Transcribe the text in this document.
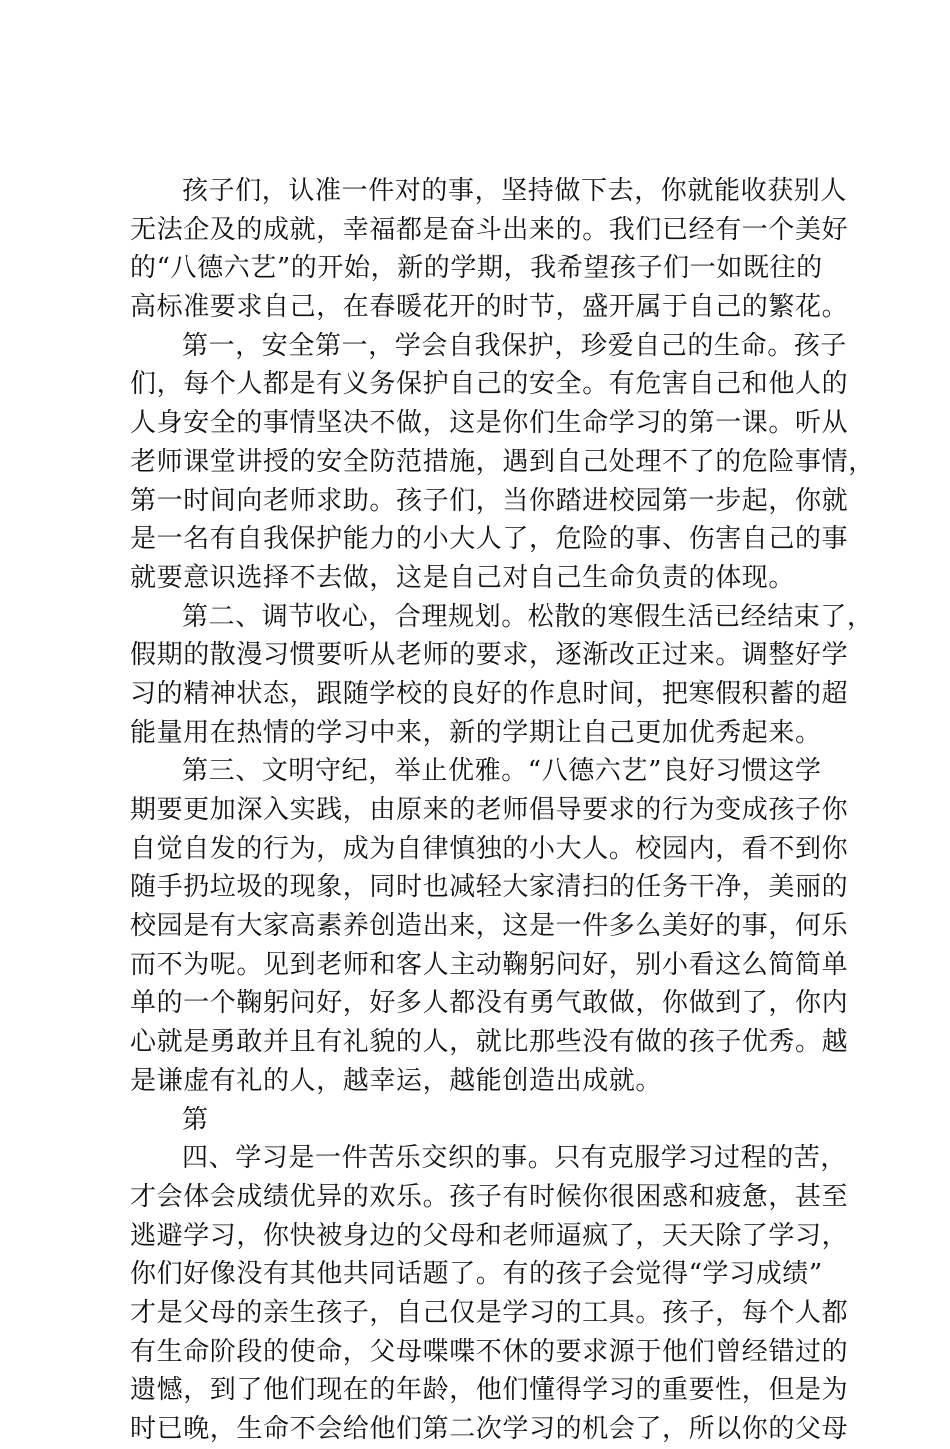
孩子们，认准一件对的事，坚持做下去，你就能收获别人
无法企及的成就，幸福都是奋斗出来的。我们已经有一个美好
的“八德六艺”的开始，新的学期，我希望孩子们一如既往的
高标准要求自己，在春暖花开的时节，盛开属于自己的繁花。
第一，安全第一，学会自我保护，珍爱自己的生命。孩子
们，每个人都是有义务保护自己的安全。有危害自己和他人的
人身安全的事情坚决不做，这是你们生命学习的第一课。听从
老师课堂讲授的安全防范措施，遇到自己处理不了的危险事情，
第一时间向老师求助。孩子们，当你踏进校园第一步起，你就
是一名有自我保护能力的小大人了，危险的事、伤害自己的事
就要意识选择不去做，这是自己对自己生命负责的体现。
第二、调节收心，合理规划。松散的寒假生活已经结束了，
假期的散漫习惯要听从老师的要求，逐渐改正过来。调整好学
习的精神状态，跟随学校的良好的作息时间，把寒假积蓄的超
能量用在热情的学习中来，新的学期让自己更加优秀起来。
第三、文明守纪，举止优雅。“八德六艺”良好习惯这学
期要更加深入实践，由原来的老师倡导要求的行为变成孩子你
自觉自发的行为，成为自律慎独的小大人。校园内，看不到你
随手扔垃圾的现象，同时也减轻大家清扫的任务干净，美丽的
校园是有大家高素养创造出来，这是一件多么美好的事，何乐
而不为呢。见到老师和客人主动鞠躬问好，别小看这么简简单
单的一个鞠躬问好，好多人都没有勇气敢做，你做到了，你内
心就是勇敢并且有礼貌的人，就比那些没有做的孩子优秀。越
是谦虚有礼的人，越幸运，越能创造出成就。
第
四、学习是一件苦乐交织的事。只有克服学习过程的苦，
才会体会成绩优异的欢乐。孩子有时候你很困惑和疲惫，甚至
逃避学习，你快被身边的父母和老师逼疯了，天天除了学习，
你们好像没有其他共同话题了。有的孩子会觉得“学习成绩”
才是父母的亲生孩子，自己仅是学习的工具。孩子，每个人都
有生命阶段的使命，父母喋喋不休的要求源于他们曾经错过的
遗憾，到了他们现在的年龄，他们懂得学习的重要性，但是为
时已晚，生命不会给他们第二次学习的机会了，所以你的父母
